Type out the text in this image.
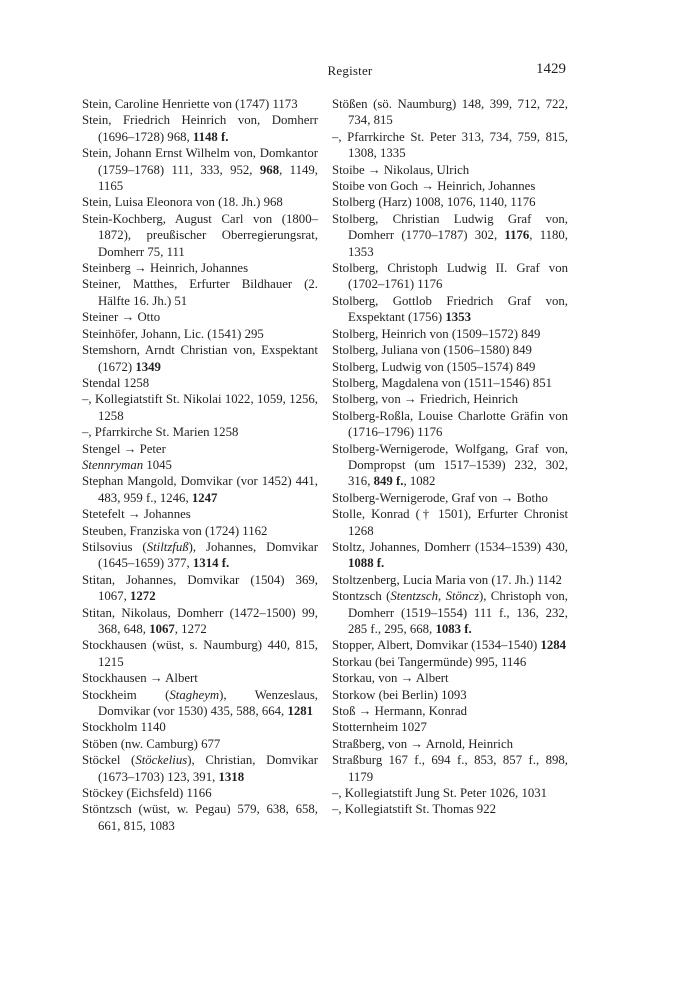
Register	1429

Stein, Caroline Henriette von (1747) 1173

Stein, Friedrich Heinrich von, Domherr (1696–1728) 968, 1148 f.

Stein, Johann Ernst Wilhelm von, Domkantor (1759–1768) 111, 333, 952, 968, 1149, 1165

Stein, Luisa Eleonora von (18. Jh.) 968

Stein-Kochberg, August Carl von (1800–1872), preußischer Oberregierungsrat, Domherr 75, 111

Steinberg → Heinrich, Johannes

Steiner, Matthes, Erfurter Bildhauer (2. Hälfte 16. Jh.) 51

Steiner → Otto

Steinhöfer, Johann, Lic. (1541) 295

Stemshorn, Arndt Christian von, Exspektant (1672) 1349

Stendal 1258

–, Kollegiatstift St. Nikolai 1022, 1059, 1256, 1258

–, Pfarrkirche St. Marien 1258

Stengel → Peter

Stennryman 1045

Stephan Mangold, Domvikar (vor 1452) 441, 483, 959 f., 1246, 1247

Stetefelt → Johannes

Steuben, Franziska von (1724) 1162

Stilsovius (Stiltzfuß), Johannes, Domvikar (1645–1659) 377, 1314 f.

Stitan, Johannes, Domvikar (1504) 369, 1067, 1272

Stitan, Nikolaus, Domherr (1472–1500) 99, 368, 648, 1067, 1272

Stockhausen (wüst, s. Naumburg) 440, 815, 1215

Stockhausen → Albert

Stockheim (Stagheym), Wenzeslaus, Domvikar (vor 1530) 435, 588, 664, 1281

Stockholm 1140

Stöben (nw. Camburg) 677

Stöckel (Stöckelius), Christian, Domvikar (1673–1703) 123, 391, 1318

Stöckey (Eichsfeld) 1166

Stöntzsch (wüst, w. Pegau) 579, 638, 658, 661, 815, 1083

Stößen (sö. Naumburg) 148, 399, 712, 722, 734, 815

–, Pfarrkirche St. Peter 313, 734, 759, 815, 1308, 1335

Stoibe → Nikolaus, Ulrich

Stoibe von Goch → Heinrich, Johannes

Stolberg (Harz) 1008, 1076, 1140, 1176

Stolberg, Christian Ludwig Graf von, Domherr (1770–1787) 302, 1176, 1180, 1353

Stolberg, Christoph Ludwig II. Graf von (1702–1761) 1176

Stolberg, Gottlob Friedrich Graf von, Exspektant (1756) 1353

Stolberg, Heinrich von (1509–1572) 849

Stolberg, Juliana von (1506–1580) 849

Stolberg, Ludwig von (1505–1574) 849

Stolberg, Magdalena von (1511–1546) 851

Stolberg, von → Friedrich, Heinrich

Stolberg-Roßla, Louise Charlotte Gräfin von (1716–1796) 1176

Stolberg-Wernigerode, Wolfgang, Graf von, Dompropst (um 1517–1539) 232, 302, 316, 849 f., 1082

Stolberg-Wernigerode, Graf von → Botho

Stolle, Konrad († 1501), Erfurter Chronist 1268

Stoltz, Johannes, Domherr (1534–1539) 430, 1088 f.

Stoltzenberg, Lucia Maria von (17. Jh.) 1142

Stontzsch (Stentzsch, Stöncz), Christoph von, Domherr (1519–1554) 111 f., 136, 232, 285 f., 295, 668, 1083 f.

Stopper, Albert, Domvikar (1534–1540) 1284

Storkau (bei Tangermünde) 995, 1146

Storkau, von → Albert

Storkow (bei Berlin) 1093

Stoß → Hermann, Konrad

Stotternheim 1027

Straßberg, von → Arnold, Heinrich

Straßburg 167 f., 694 f., 853, 857 f., 898, 1179

–, Kollegiatstift Jung St. Peter 1026, 1031

–, Kollegiatstift St. Thomas 922
